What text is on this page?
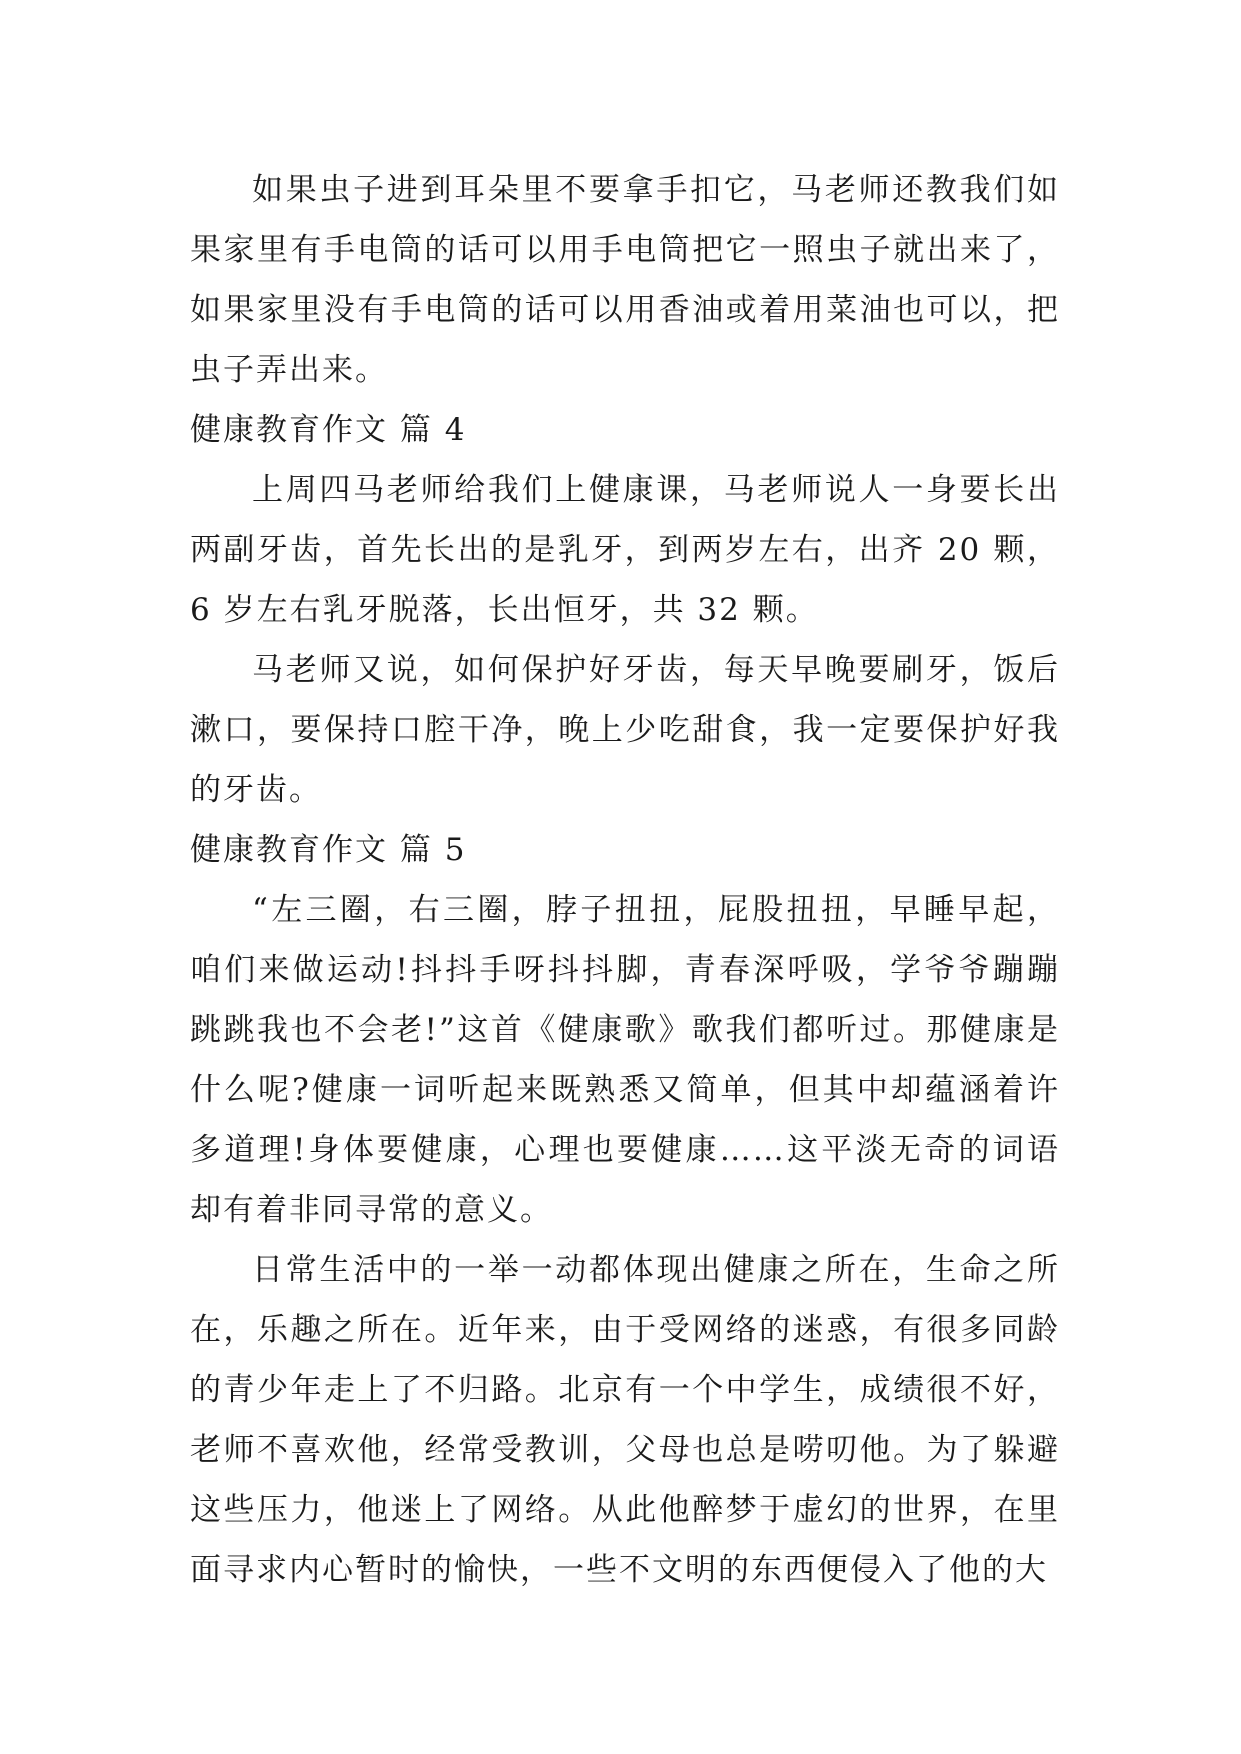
如果虫子进到耳朵里不要拿手扣它，马老师还教我们如果家里有手电筒的话可以用手电筒把它一照虫子就出来了，如果家里没有手电筒的话可以用香油或着用菜油也可以，把虫子弄出来。

健康教育作文 篇 4

上周四马老师给我们上健康课，马老师说人一身要长出两副牙齿，首先长出的是乳牙，到两岁左右，出齐 20 颗，6 岁左右乳牙脱落，长出恒牙，共 32 颗。

马老师又说，如何保护好牙齿，每天早晚要刷牙，饭后漱口，要保持口腔干净，晚上少吃甜食，我一定要保护好我的牙齿。

健康教育作文 篇 5

“左三圈，右三圈，脖子扭扭，屁股扭扭，早睡早起，咱们来做运动!抖抖手呀抖抖脚，青春深呼吸，学爷爷蹦蹦跳跳我也不会老!”这首《健康歌》歌我们都听过。那健康是什么呢?健康一词听起来既熟悉又简单，但其中却蕴涵着许多道理!身体要健康，心理也要健康……这平淡无奇的词语却有着非同寻常的意义。

日常生活中的一举一动都体现出健康之所在，生命之所在，乐趣之所在。近年来，由于受网络的迷惑，有很多同龄的青少年走上了不归路。北京有一个中学生，成绩很不好，老师不喜欢他，经常受教训，父母也总是唠叨他。为了躲避这些压力，他迷上了网络。从此他醉梦于虚幻的世界，在里面寻求内心暂时的愉快，一些不文明的东西便侵入了他的大
